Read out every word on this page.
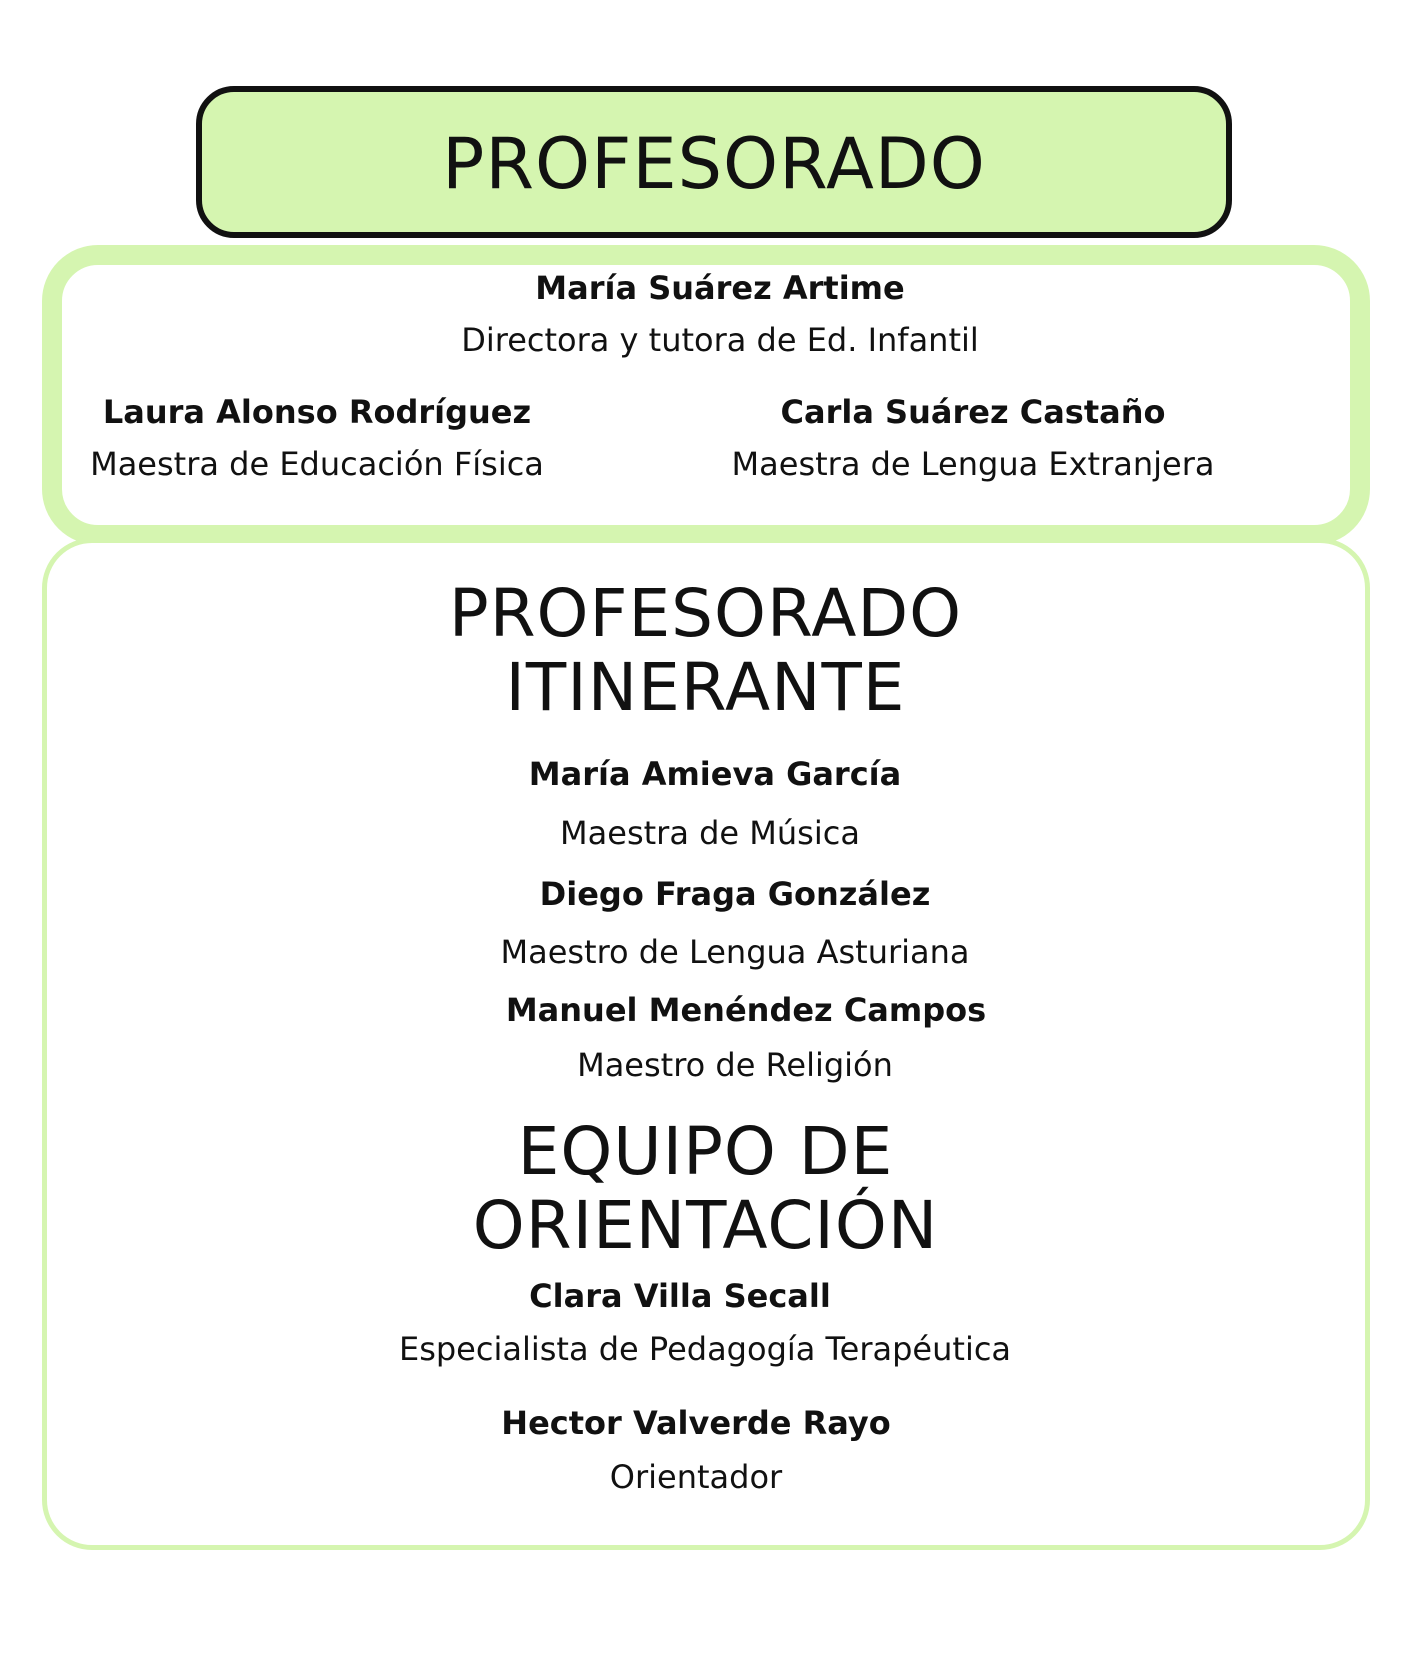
PROFESORADO
María Suárez Artime
Directora y tutora de Ed. Infantil
Laura Alonso Rodríguez
Maestra de Educación Física
Carla Suárez Castaño
Maestra de Lengua Extranjera
PROFESORADO
ITINERANTE
María Amieva García
Maestra de Música
Diego Fraga González
Maestro de Lengua Asturiana
Manuel Menéndez Campos
Maestro de Religión
EQUIPO DE
ORIENTACIÓN
Clara Villa Secall
Especialista de Pedagogía Terapéutica
Hector Valverde Rayo
Orientador
